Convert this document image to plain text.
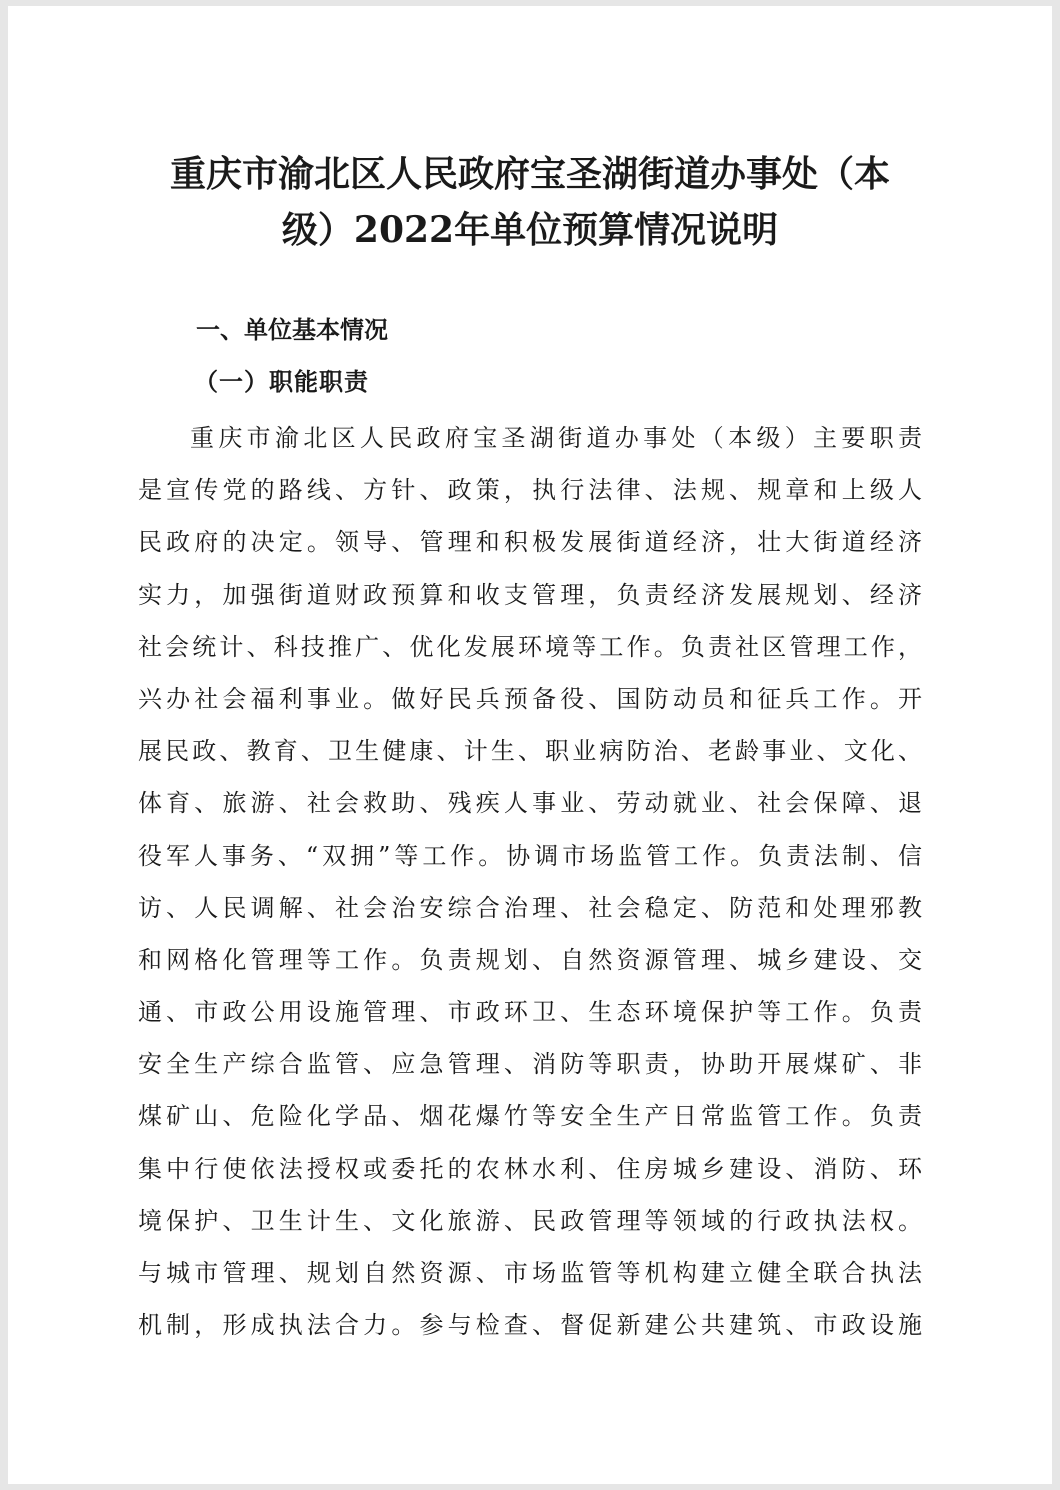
重庆市渝北区人民政府宝圣湖街道办事处（本
级）2022年单位预算情况说明
一、单位基本情况
（一）职能职责
重庆市渝北区人民政府宝圣湖街道办事处（本级）主要职责
是宣传党的路线、方针、政策，执行法律、法规、规章和上级人
民政府的决定。领导、管理和积极发展街道经济，壮大街道经济
实力，加强街道财政预算和收支管理，负责经济发展规划、经济
社会统计、科技推广、优化发展环境等工作。负责社区管理工作，
兴办社会福利事业。做好民兵预备役、国防动员和征兵工作。开
展民政、教育、卫生健康、计生、职业病防治、老龄事业、文化、
体育、旅游、社会救助、残疾人事业、劳动就业、社会保障、退
役军人事务、“双拥”等工作。协调市场监管工作。负责法制、信
访、人民调解、社会治安综合治理、社会稳定、防范和处理邪教
和网格化管理等工作。负责规划、自然资源管理、城乡建设、交
通、市政公用设施管理、市政环卫、生态环境保护等工作。负责
安全生产综合监管、应急管理、消防等职责，协助开展煤矿、非
煤矿山、危险化学品、烟花爆竹等安全生产日常监管工作。负责
集中行使依法授权或委托的农林水利、住房城乡建设、消防、环
境保护、卫生计生、文化旅游、民政管理等领域的行政执法权。
与城市管理、规划自然资源、市场监管等机构建立健全联合执法
机制，形成执法合力。参与检查、督促新建公共建筑、市政设施
